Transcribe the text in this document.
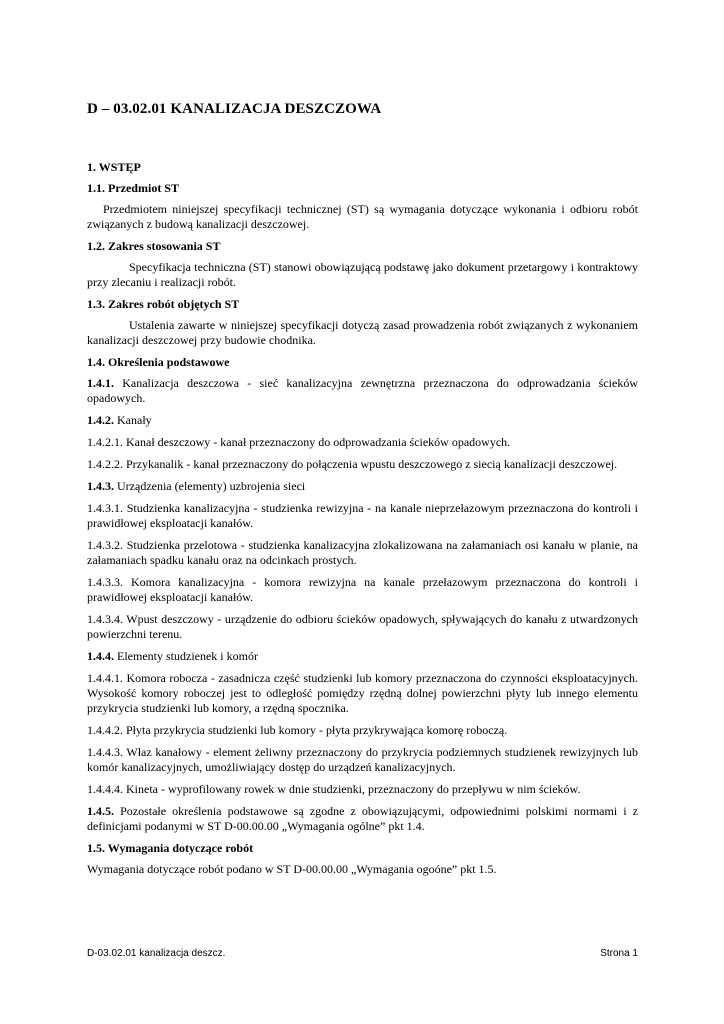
D – 03.02.01 KANALIZACJA DESZCZOWA
1. WSTĘP
1.1. Przedmiot ST
Przedmiotem niniejszej specyfikacji technicznej (ST) są wymagania dotyczące wykonania i odbioru robót związanych z budową kanalizacji deszczowej.
1.2. Zakres stosowania ST
Specyfikacja techniczna (ST) stanowi obowiązującą podstawę jako dokument przetargowy i kontraktowy przy zlecaniu i realizacji robót.
1.3. Zakres robót objętych ST
Ustalenia zawarte w niniejszej specyfikacji dotyczą zasad prowadzenia robót związanych z wykonaniem kanalizacji deszczowej przy budowie chodnika.
1.4. Określenia podstawowe
1.4.1. Kanalizacja deszczowa - sieć kanalizacyjna zewnętrzna przeznaczona do odprowadzania ścieków opadowych.
1.4.2. Kanały
1.4.2.1. Kanał deszczowy - kanał przeznaczony do odprowadzania ścieków opadowych.
1.4.2.2. Przykanalik - kanał przeznaczony do połączenia wpustu deszczowego z siecią kanalizacji deszczowej.
1.4.3. Urządzenia (elementy) uzbrojenia sieci
1.4.3.1. Studzienka kanalizacyjna - studzienka rewizyjna - na kanale nieprzełazowym przeznaczona do kontroli i prawidłowej eksploatacji kanałów.
1.4.3.2. Studzienka przelotowa - studzienka kanalizacyjna zlokalizowana na załamaniach osi kanału w planie, na załamaniach spadku kanału oraz na odcinkach prostych.
1.4.3.3. Komora kanalizacyjna - komora rewizyjna na kanale przełazowym przeznaczona do kontroli i prawidłowej eksploatacji kanałów.
1.4.3.4. Wpust deszczowy - urządzenie do odbioru ścieków opadowych, spływających do kanału z utwardzonych powierzchni terenu.
1.4.4. Elementy studzienek i komór
1.4.4.1. Komora robocza - zasadnicza część studzienki lub komory przeznaczona do czynności eksploatacyjnych. Wysokość komory roboczej jest to odległość pomiędzy rzędną dolnej powierzchni płyty lub innego elementu przykrycia studzienki lub komory, a rzędną spocznika.
1.4.4.2. Płyta przykrycia studzienki lub komory - płyta przykrywająca komorę roboczą.
1.4.4.3. Właz kanałowy - element żeliwny przeznaczony do przykrycia podziemnych studzienek rewizyjnych lub komór kanalizacyjnych, umożliwiający dostęp do urządzeń kanalizacyjnych.
1.4.4.4. Kineta - wyprofilowany rowek w dnie studzienki, przeznaczony do przepływu w nim ścieków.
1.4.5. Pozostałe określenia podstawowe są zgodne z obowiązującymi, odpowiednimi polskimi normami i z definicjami podanymi w ST D-00.00.00 „Wymagania ogólne” pkt 1.4.
1.5. Wymagania dotyczące robót
Wymagania dotyczące robót podano w ST D-00.00.00 „Wymagania ogoóne” pkt 1.5.
D-03.02.01 kanalizacja deszcz.	Strona 1
